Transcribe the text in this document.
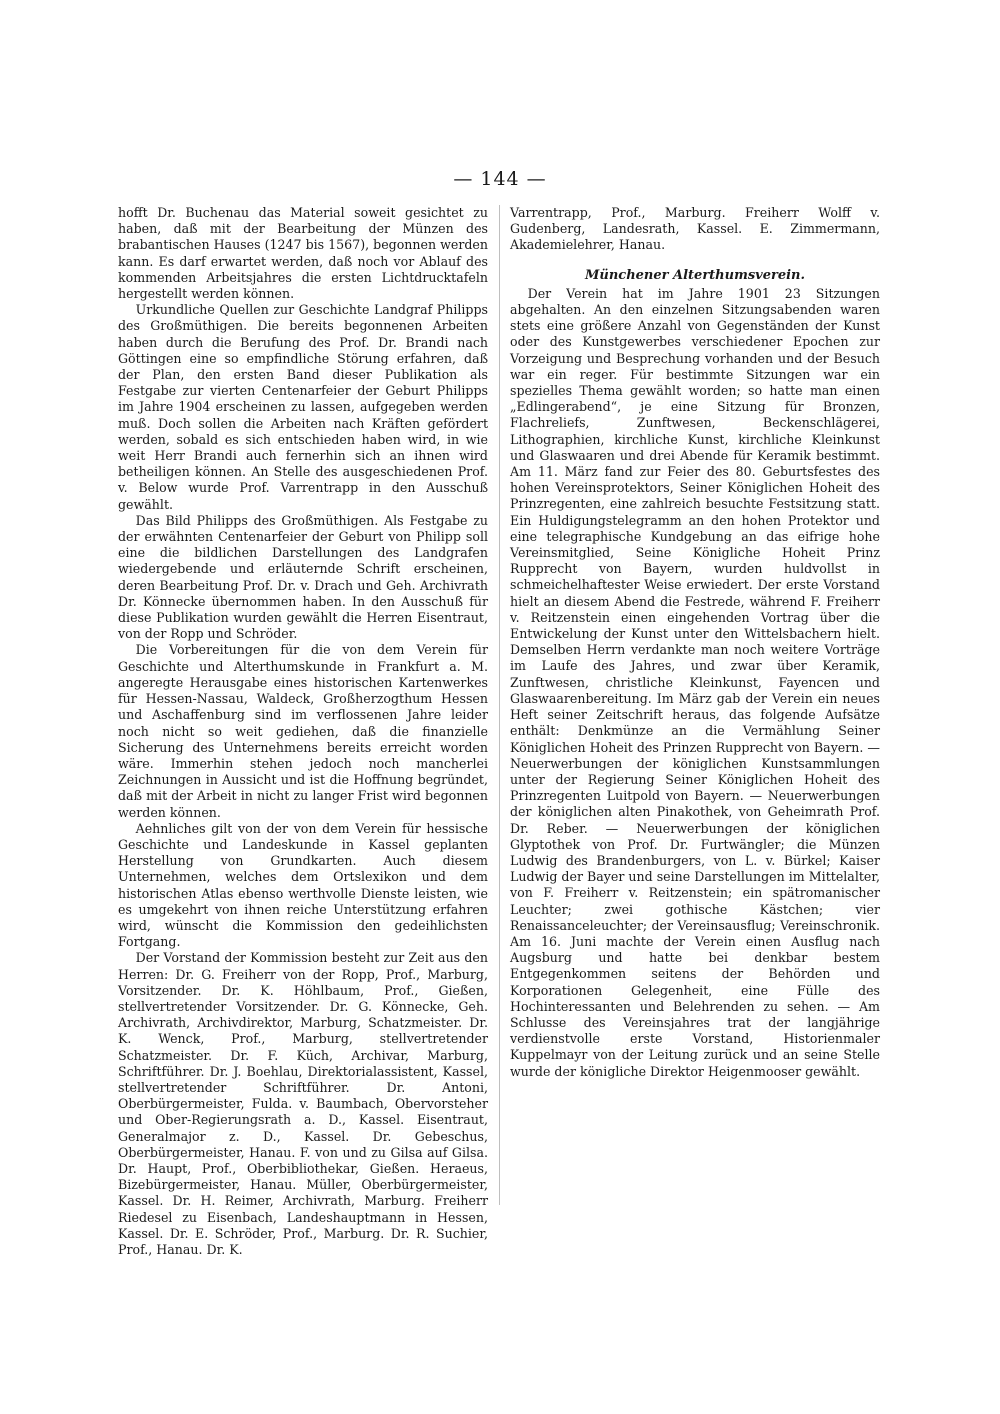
— 144 —

hofft Dr. Buchenau das Material soweit gesichtet zu haben, daß mit der Bearbeitung der Münzen des brabantischen Hauses (1247 bis 1567), begonnen werden kann. Es darf erwartet werden, daß noch vor Ablauf des kommenden Arbeitsjahres die ersten Lichtdrucktafeln hergestellt werden können.

Urkundliche Quellen zur Geschichte Landgraf Philipps des Großmüthigen. Die bereits begonnenen Arbeiten haben durch die Berufung des Prof. Dr. Brandi nach Göttingen eine so empfindliche Störung erfahren, daß der Plan, den ersten Band dieser Publikation als Festgabe zur vierten Centenarfeier der Geburt Philipps im Jahre 1904 erscheinen zu lassen, aufgegeben werden muß. Doch sollen die Arbeiten nach Kräften gefördert werden, sobald es sich entschieden haben wird, in wie weit Herr Brandi auch fernerhin sich an ihnen wird betheiligen können. An Stelle des ausgeschiedenen Prof. v. Below wurde Prof. Varrentrapp in den Ausschuß gewählt.

Das Bild Philipps des Großmüthigen. Als Festgabe zu der erwähnten Centenarfeier der Geburt von Philipp soll eine die bildlichen Darstellungen des Landgrafen wiedergebende und erläuternde Schrift erscheinen, deren Bearbeitung Prof. Dr. v. Drach und Geh. Archivrath Dr. Könnecke übernommen haben. In den Ausschuß für diese Publikation wurden gewählt die Herren Eisentraut, von der Ropp und Schröder.

Die Vorbereitungen für die von dem Verein für Geschichte und Alterthumskunde in Frankfurt a. M. angeregte Herausgabe eines historischen Kartenwerkes für Hessen-Nassau, Waldeck, Großherzogthum Hessen und Aschaffenburg sind im verflossenen Jahre leider noch nicht so weit gediehen, daß die finanzielle Sicherung des Unternehmens bereits erreicht worden wäre. Immerhin stehen jedoch noch mancherlei Zeichnungen in Aussicht und ist die Hoffnung begründet, daß mit der Arbeit in nicht zu langer Frist wird begonnen werden können.

Aehnliches gilt von der von dem Verein für hessische Geschichte und Landeskunde in Kassel geplanten Herstellung von Grundkarten. Auch diesem Unternehmen, welches dem Ortslexikon und dem historischen Atlas ebenso werthvolle Dienste leisten, wie es umgekehrt von ihnen reiche Unterstützung erfahren wird, wünscht die Kommission den gedeihlichsten Fortgang.

Der Vorstand der Kommission besteht zur Zeit aus den Herren: Dr. G. Freiherr von der Ropp, Prof., Marburg, Vorsitzender. Dr. K. Höhlbaum, Prof., Gießen, stellvertretender Vorsitzender. Dr. G. Könnecke, Geh. Archivrath, Archivdirektor, Marburg, Schatzmeister. Dr. K. Wenck, Prof., Marburg, stellvertretender Schatzmeister. Dr. F. Küch, Archivar, Marburg, Schriftführer. Dr. J. Boehlau, Direktorialassistent, Kassel, stellvertretender Schriftführer. Dr. Antoni, Oberbürgermeister, Fulda. v. Baumbach, Obervorsteher und Ober-Regierungsrath a. D., Kassel. Eisentraut, Generalmajor z. D., Kassel. Dr. Gebeschus, Oberbürgermeister, Hanau. F. von und zu Gilsa auf Gilsa. Dr. Haupt, Prof., Oberbibliothekar, Gießen. Heraeus, Bizebürgermeister, Hanau. Müller, Oberbürgermeister, Kassel. Dr. H. Reimer, Archivrath, Marburg. Freiherr Riedesel zu Eisenbach, Landeshauptmann in Hessen, Kassel. Dr. E. Schröder, Prof., Marburg. Dr. R. Suchier, Prof., Hanau. Dr. K.

Varrentrapp, Prof., Marburg. Freiherr Wolff v. Gudenberg, Landesrath, Kassel. E. Zimmermann, Akademielehrer, Hanau.

Münchener Alterthumsverein.

Der Verein hat im Jahre 1901 23 Sitzungen abgehalten. An den einzelnen Sitzungsabenden waren stets eine größere Anzahl von Gegenständen der Kunst oder des Kunstgewerbes verschiedener Epochen zur Vorzeigung und Besprechung vorhanden und der Besuch war ein reger. Für bestimmte Sitzungen war ein spezielles Thema gewählt worden; so hatte man einen „Edlingerabend“, je eine Sitzung für Bronzen, Flachreliefs, Zunftwesen, Beckenschlägerei, Lithographien, kirchliche Kunst, kirchliche Kleinkunst und Glaswaaren und drei Abende für Keramik bestimmt. Am 11. März fand zur Feier des 80. Geburtsfestes des hohen Vereinsprotektors, Seiner Königlichen Hoheit des Prinzregenten, eine zahlreich besuchte Festsitzung statt. Ein Huldigungstelegramm an den hohen Protektor und eine telegraphische Kundgebung an das eifrige hohe Vereinsmitglied, Seine Königliche Hoheit Prinz Rupprecht von Bayern, wurden huldvollst in schmeichelhaftester Weise erwiedert. Der erste Vorstand hielt an diesem Abend die Festrede, während F. Freiherr v. Reitzenstein einen eingehenden Vortrag über die Entwickelung der Kunst unter den Wittelsbachern hielt. Demselben Herrn verdankte man noch weitere Vorträge im Laufe des Jahres, und zwar über Keramik, Zunftwesen, christliche Kleinkunst, Fayencen und Glaswaarenbereitung. Im März gab der Verein ein neues Heft seiner Zeitschrift heraus, das folgende Aufsätze enthält: Denkmünze an die Vermählung Seiner Königlichen Hoheit des Prinzen Rupprecht von Bayern. — Neuerwerbungen der königlichen Kunstsammlungen unter der Regierung Seiner Königlichen Hoheit des Prinzregenten Luitpold von Bayern. — Neuerwerbungen der königlichen alten Pinakothek, von Geheimrath Prof. Dr. Reber. — Neuerwerbungen der königlichen Glyptothek von Prof. Dr. Furtwängler; die Münzen Ludwig des Brandenburgers, von L. v. Bürkel; Kaiser Ludwig der Bayer und seine Darstellungen im Mittelalter, von F. Freiherr v. Reitzenstein; ein spätromanischer Leuchter; zwei gothische Kästchen; vier Renaissanceleuchter; der Vereinsausflug; Vereinschronik. Am 16. Juni machte der Verein einen Ausflug nach Augsburg und hatte bei denkbar bestem Entgegenkommen seitens der Behörden und Korporationen Gelegenheit, eine Fülle des Hochinteressanten und Belehrenden zu sehen. — Am Schlusse des Vereinsjahres trat der langjährige verdienstvolle erste Vorstand, Historienmaler Kuppelmayr von der Leitung zurück und an seine Stelle wurde der königliche Direktor Heigenmooser gewählt.
